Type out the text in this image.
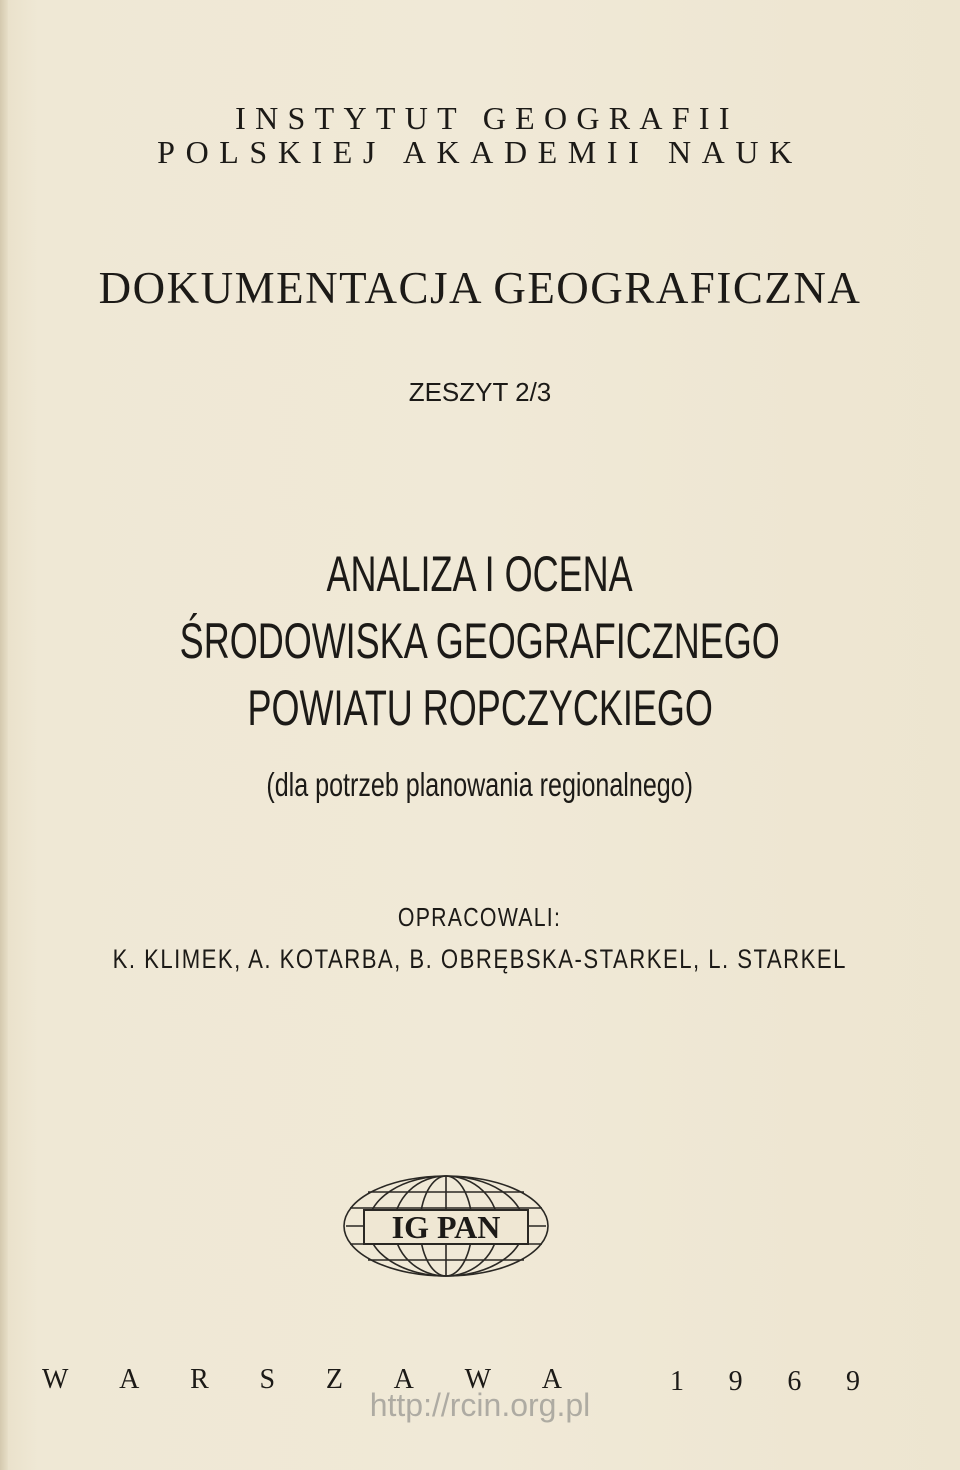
INSTYTUT GEOGRAFII
POLSKIEJ AKADEMII NAUK
DOKUMENTACJA GEOGRAFICZNA
ZESZYT 2/3
ANALIZA I OCENA
ŚRODOWISKA GEOGRAFICZNEGO
POWIATU ROPCZYCKIEGO
(dla potrzeb planowania regionalnego)
OPRACOWALI:
K. KLIMEK, A. KOTARBA, B. OBRĘBSKA-STARKEL, L. STARKEL
IG PAN
W A R S Z A W A	1 9 6 9
http://rcin.org.pl
